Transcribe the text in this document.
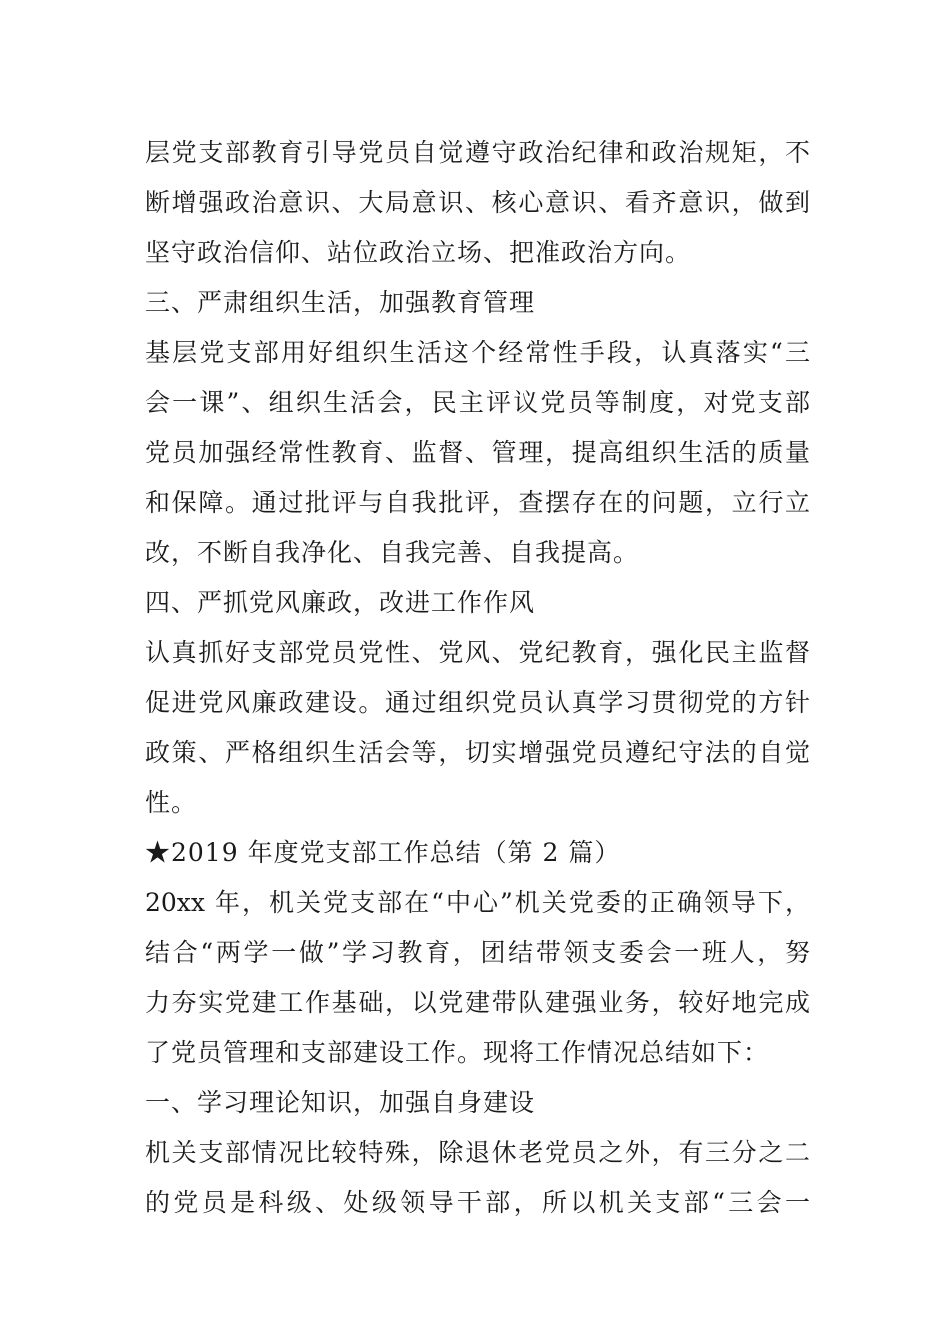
层党支部教育引导党员自觉遵守政治纪律和政治规矩，不
断增强政治意识、大局意识、核心意识、看齐意识，做到
坚守政治信仰、站位政治立场、把准政治方向。
三、严肃组织生活，加强教育管理
基层党支部用好组织生活这个经常性手段，认真落实“三
会一课”、组织生活会，民主评议党员等制度，对党支部
党员加强经常性教育、监督、管理，提高组织生活的质量
和保障。通过批评与自我批评，查摆存在的问题，立行立
改，不断自我净化、自我完善、自我提高。
四、严抓党风廉政，改进工作作风
认真抓好支部党员党性、党风、党纪教育，强化民主监督
促进党风廉政建设。通过组织党员认真学习贯彻党的方针
政策、严格组织生活会等，切实增强党员遵纪守法的自觉
性。
★2019 年度党支部工作总结（第 2 篇）
20xx 年，机关党支部在“中心”机关党委的正确领导下，
结合“两学一做”学习教育，团结带领支委会一班人，努
力夯实党建工作基础，以党建带队建强业务，较好地完成
了党员管理和支部建设工作。现将工作情况总结如下：
一、学习理论知识，加强自身建设
机关支部情况比较特殊，除退休老党员之外，有三分之二
的党员是科级、处级领导干部，所以机关支部“三会一
